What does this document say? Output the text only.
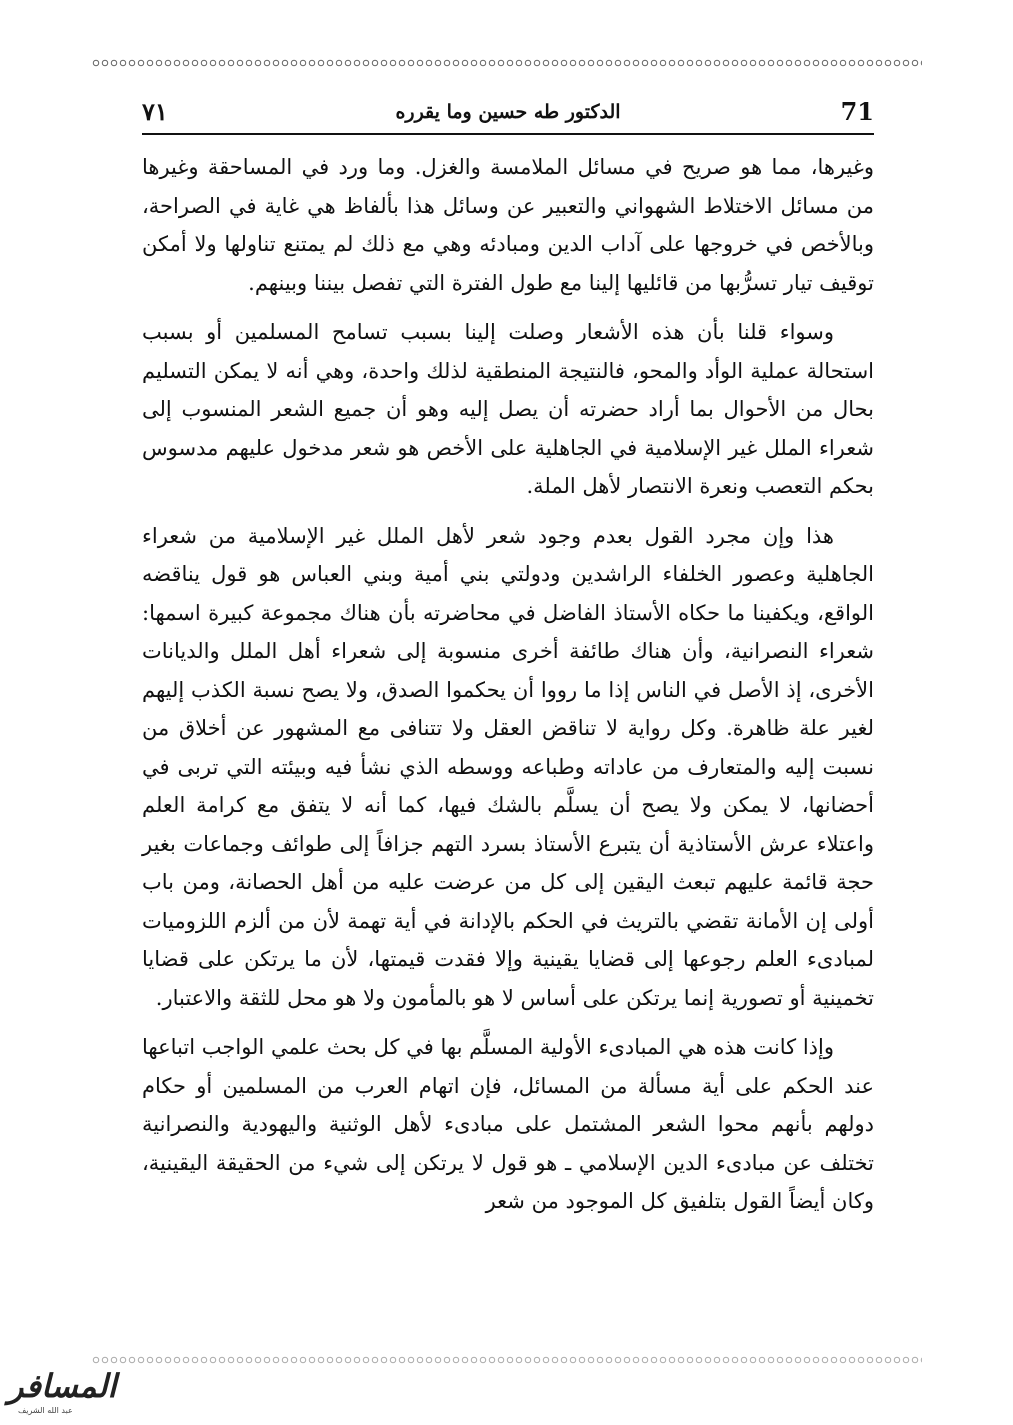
71
الدكتور طه حسين وما يقرره
٧١

وغيرها، مما هو صريح في مسائل الملامسة والغزل. وما ورد في المساحقة وغيرها من مسائل الاختلاط الشهواني والتعبير عن وسائل هذا بألفاظ هي غاية في الصراحة، وبالأخص في خروجها على آداب الدين ومبادئه وهي مع ذلك لم يمتنع تناولها ولا أمكن توقيف تيار تسرُّبها من قائليها إلينا مع طول الفترة التي تفصل بيننا وبينهم.

وسواء قلنا بأن هذه الأشعار وصلت إلينا بسبب تسامح المسلمين أو بسبب استحالة عملية الوأد والمحو، فالنتيجة المنطقية لذلك واحدة، وهي أنه لا يمكن التسليم بحال من الأحوال بما أراد حضرته أن يصل إليه وهو أن جميع الشعر المنسوب إلى شعراء الملل غير الإسلامية في الجاهلية على الأخص هو شعر مدخول عليهم مدسوس بحكم التعصب ونعرة الانتصار لأهل الملة.

هذا وإن مجرد القول بعدم وجود شعر لأهل الملل غير الإسلامية من شعراء الجاهلية وعصور الخلفاء الراشدين ودولتي بني أمية وبني العباس هو قول يناقضه الواقع، ويكفينا ما حكاه الأستاذ الفاضل في محاضرته بأن هناك مجموعة كبيرة اسمها: شعراء النصرانية، وأن هناك طائفة أخرى منسوبة إلى شعراء أهل الملل والديانات الأخرى، إذ الأصل في الناس إذا ما رووا أن يحكموا الصدق، ولا يصح نسبة الكذب إليهم لغير علة ظاهرة. وكل رواية لا تناقض العقل ولا تتنافى مع المشهور عن أخلاق من نسبت إليه والمتعارف من عاداته وطباعه ووسطه الذي نشأ فيه وبيئته التي تربى في أحضانها، لا يمكن ولا يصح أن يسلَّم بالشك فيها، كما أنه لا يتفق مع كرامة العلم واعتلاء عرش الأستاذية أن يتبرع الأستاذ بسرد التهم جزافاً إلى طوائف وجماعات بغير حجة قائمة عليهم تبعث اليقين إلى كل من عرضت عليه من أهل الحصانة، ومن باب أولى إن الأمانة تقضي بالتريث في الحكم بالإدانة في أية تهمة لأن من ألزم اللزوميات لمبادىء العلم رجوعها إلى قضايا يقينية وإلا فقدت قيمتها، لأن ما يرتكن على قضايا تخمينية أو تصورية إنما يرتكن على أساس لا هو بالمأمون ولا هو محل للثقة والاعتبار.

وإذا كانت هذه هي المبادىء الأولية المسلَّم بها في كل بحث علمي الواجب اتباعها عند الحكم على أية مسألة من المسائل، فإن اتهام العرب من المسلمين أو حكام دولهم بأنهم محوا الشعر المشتمل على مبادىء لأهل الوثنية واليهودية والنصرانية تختلف عن مبادىء الدين الإسلامي ـ هو قول لا يرتكن إلى شيء من الحقيقة اليقينية، وكان أيضاً القول بتلفيق كل الموجود من شعر

المسافر
عبد الله الشريف
